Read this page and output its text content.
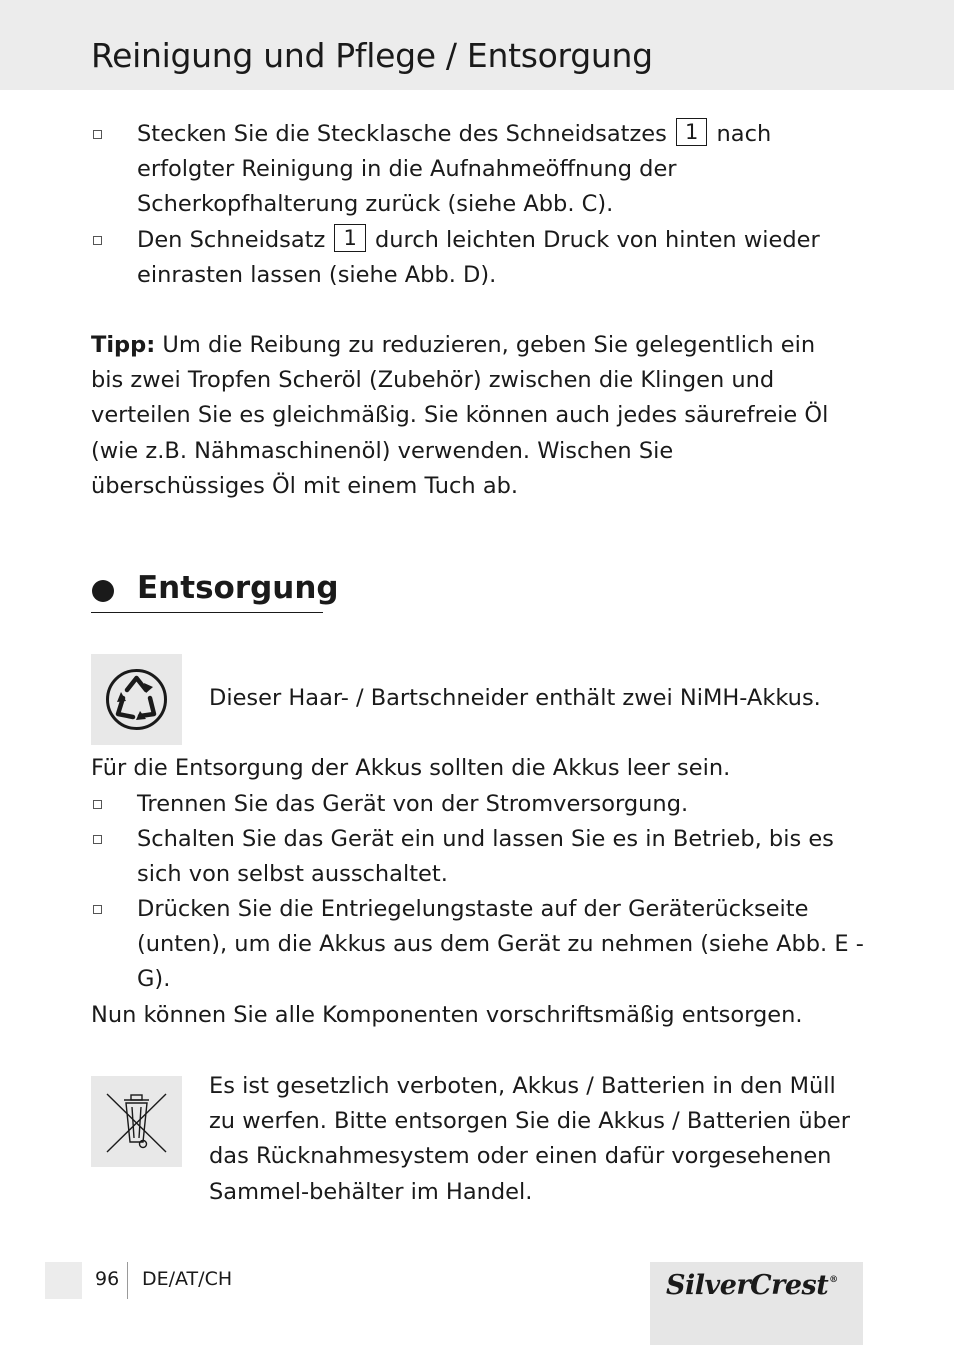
Reinigung und Pflege / Entsorgung
Stecken Sie die Stecklasche des Schneidsatzes 1 nach erfolgter Reinigung in die Aufnahmeöffnung der Scherkopfhalterung zurück (siehe Abb. C).
Den Schneidsatz 1 durch leichten Druck von hinten wieder einrasten lassen (siehe Abb. D).

Tipp: Um die Reibung zu reduzieren, geben Sie gelegentlich ein bis zwei Tropfen Scheröl (Zubehör) zwischen die Klingen und verteilen Sie es gleichmäßig. Sie können auch jedes säurefreie Öl (wie z.B. Nähmaschinenöl) verwenden. Wischen Sie überschüssiges Öl mit einem Tuch ab.

Entsorgung

Dieser Haar- / Bartschneider enthält zwei NiMH-Akkus.

Für die Entsorgung der Akkus sollten die Akkus leer sein.

Trennen Sie das Gerät von der Stromversorgung.
Schalten Sie das Gerät ein und lassen Sie es in Betrieb, bis es sich von selbst ausschaltet.
Drücken Sie die Entriegelungstaste auf der Geräterückseite (unten), um die Akkus aus dem Gerät zu nehmen (siehe Abb. E - G).

Nun können Sie alle Komponenten vorschriftsmäßig entsorgen.

Es ist gesetzlich verboten, Akkus / Batterien in den Müll zu werfen. Bitte entsorgen Sie die Akkus / Batterien über das Rücknahmesystem oder einen dafür vorgesehenen Sammel-behälter im Handel.

96 DE/AT/CH	SilverCrest®
